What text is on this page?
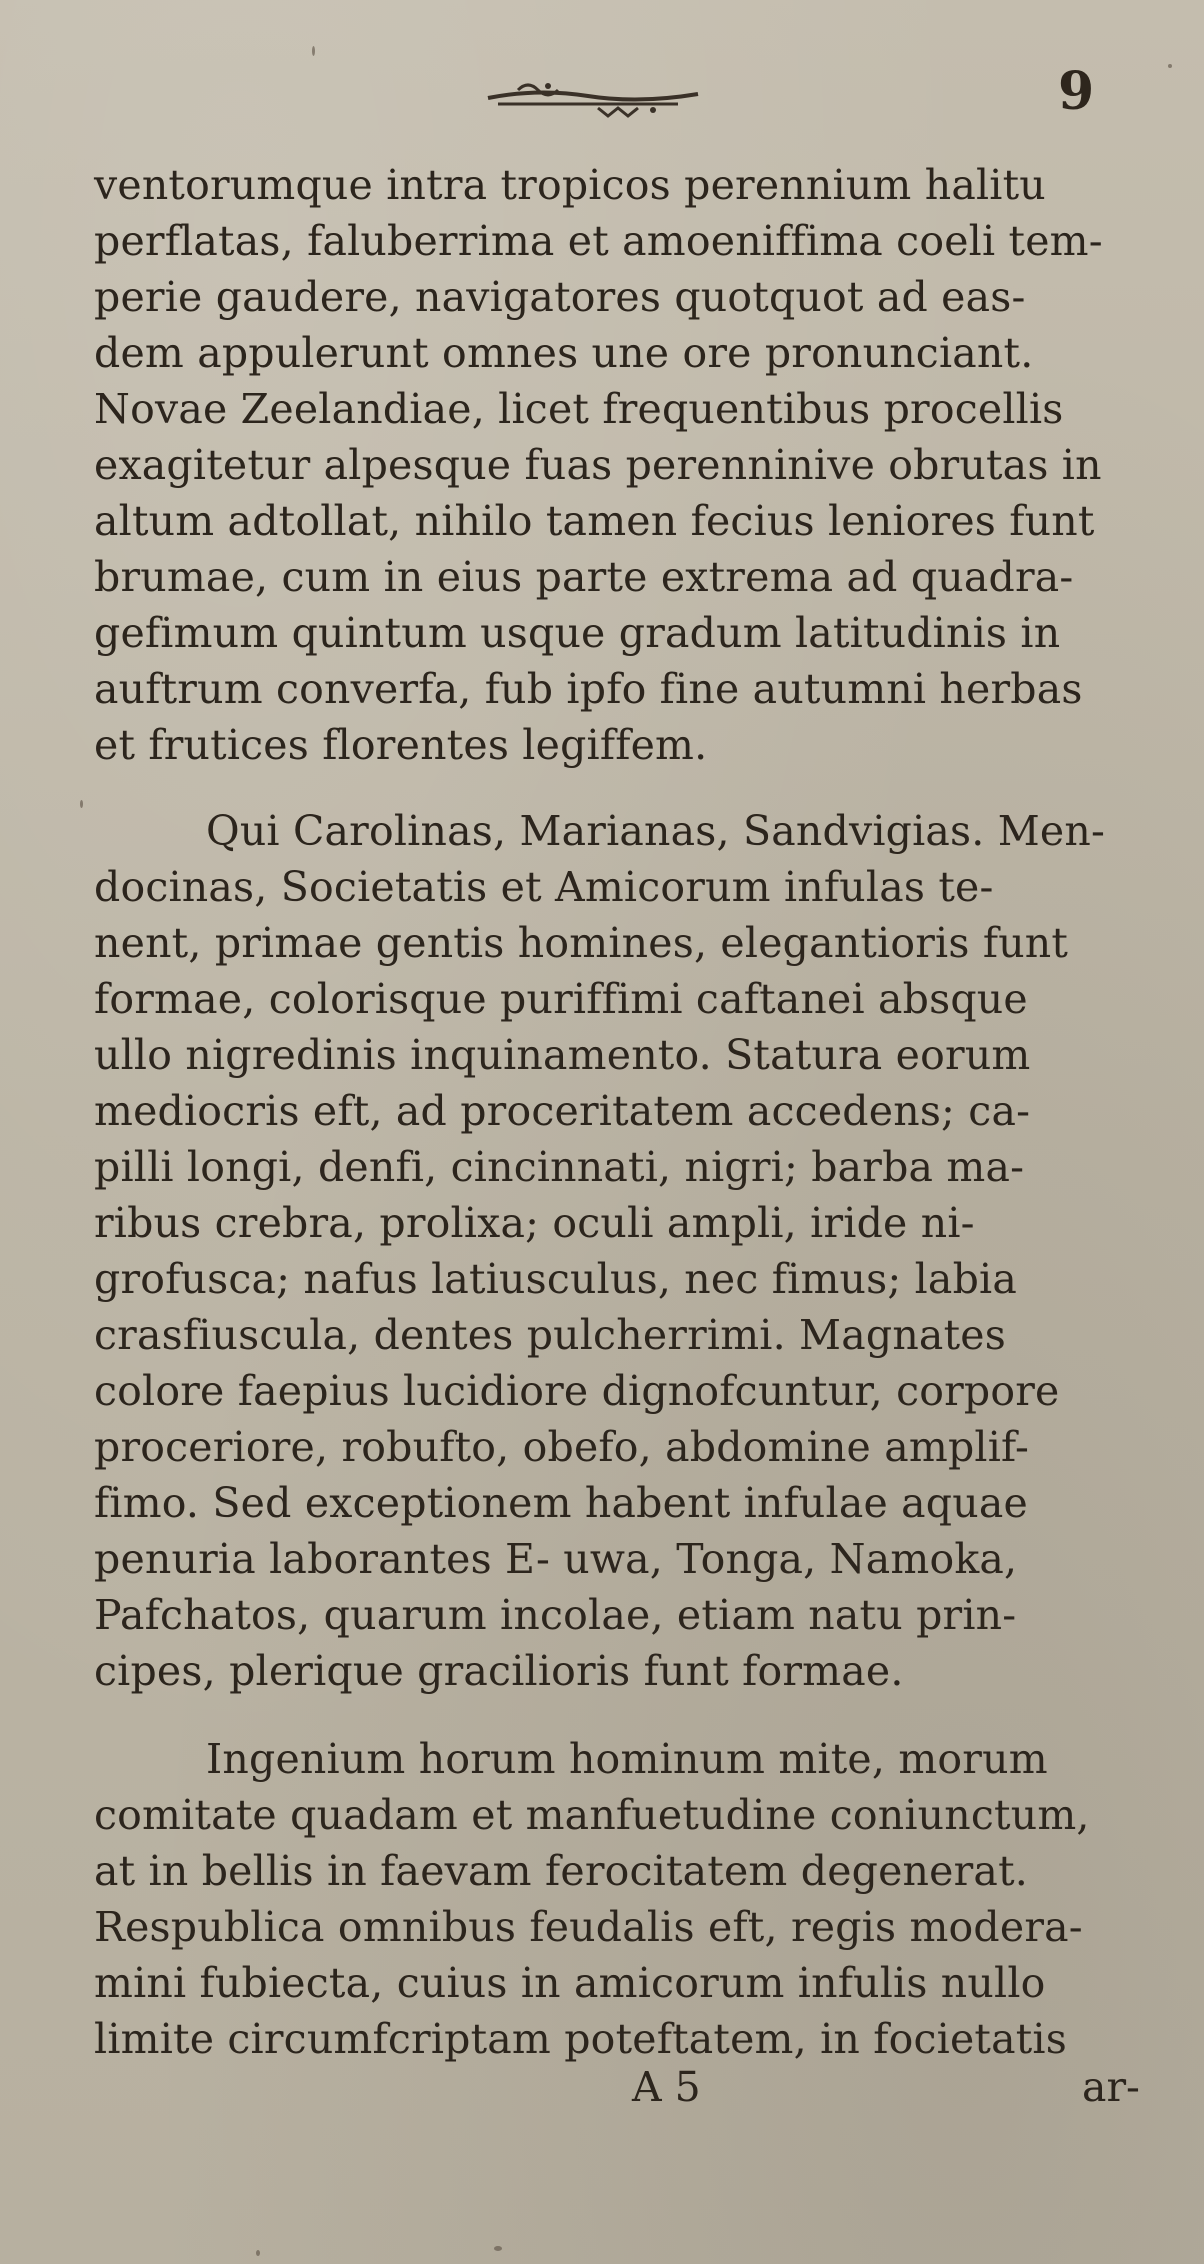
9
ventorumque intra tropicos perennium halitu
perflatas, faluberrima et amoeniffima coeli tem-
perie gaudere, navigatores quotquot ad eas-
dem appulerunt omnes une ore pronunciant.
Novae Zeelandiae, licet frequentibus procellis
exagitetur alpesque fuas perenninive obrutas in
altum adtollat, nihilo tamen fecius leniores funt
brumae, cum in eius parte extrema ad quadra-
gefimum quintum usque gradum latitudinis in
auftrum converfa, fub ipfo fine autumni herbas
et frutices florentes legiffem.
Qui Carolinas, Marianas, Sandvigias. Men-
docinas, Societatis et Amicorum infulas te-
nent, primae gentis homines, elegantioris funt
formae, colorisque puriffimi caftanei absque
ullo nigredinis inquinamento. Statura eorum
mediocris eft, ad proceritatem accedens; ca-
pilli longi, denfi, cincinnati, nigri; barba ma-
ribus crebra, prolixa; oculi ampli, iride ni-
grofusca; nafus latiusculus, nec fimus; labia
crasfiuscula, dentes pulcherrimi. Magnates
colore faepius lucidiore dignofcuntur, corpore
proceriore, robufto, obefo, abdomine amplif-
fimo. Sed exceptionem habent infulae aquae
penuria laborantes E- uwa, Tonga, Namoka,
Pafchatos, quarum incolae, etiam natu prin-
cipes, plerique gracilioris funt formae.
Ingenium horum hominum mite, morum
comitate quadam et manfuetudine coniunctum,
at in bellis in faevam ferocitatem degenerat.
Respublica omnibus feudalis eft, regis modera-
mini fubiecta, cuius in amicorum infulis nullo
limite circumfcriptam poteftatem, in focietatis
A 5	ar-
